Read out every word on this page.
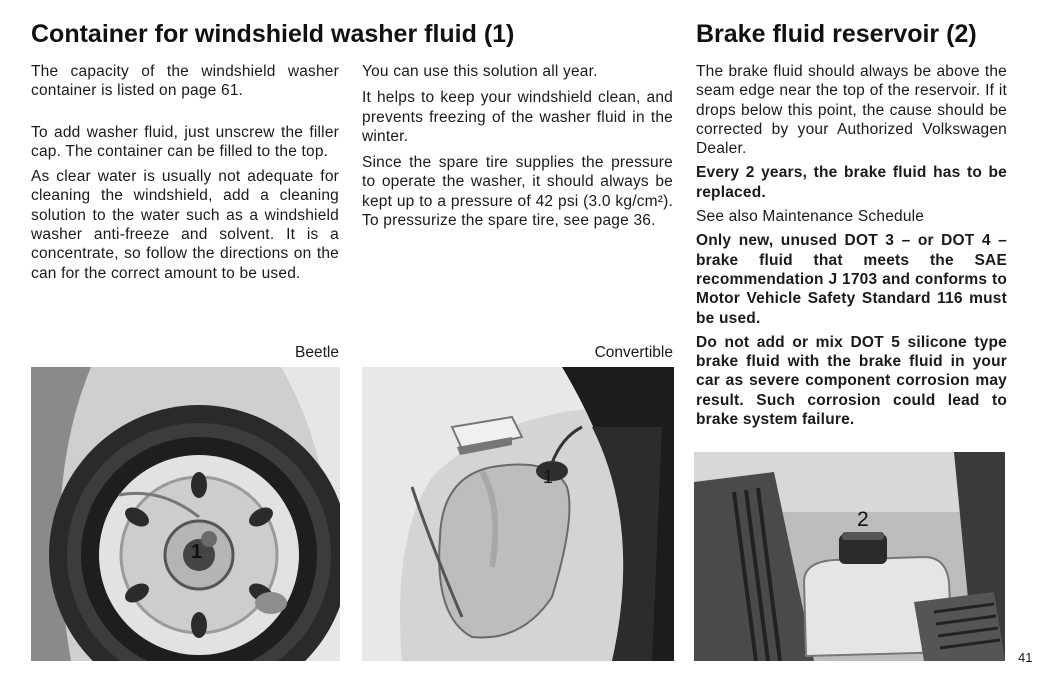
Container for windshield washer fluid (1)	Brake fluid reservoir (2)

The capacity of the windshield washer container is listed on page 61.

To add washer fluid, just unscrew the filler cap. The container can be filled to the top.

As clear water is usually not adequate for cleaning the windshield, add a cleaning solution to the water such as a windshield washer anti-freeze and solvent. It is a concentrate, so follow the directions on the can for the correct amount to be used.

You can use this solution all year.

It helps to keep your windshield clean, and prevents freezing of the washer fluid in the winter.

Since the spare tire supplies the pressure to operate the washer, it should always be kept up to a pressure of 42 psi (3.0 kg/cm²). To pressurize the spare tire, see page 36.

The brake fluid should always be above the seam edge near the top of the reservoir. If it drops below this point, the cause should be corrected by your Authorized Volkswagen Dealer.

Every 2 years, the brake fluid has to be replaced.

See also Maintenance Schedule

Only new, unused DOT 3 – or DOT 4 – brake fluid that meets the SAE recommendation J 1703 and conforms to Motor Vehicle Safety Standard 116 must be used.

Do not add or mix DOT 5 silicone type brake fluid with the brake fluid in your car as severe component corrosion may result. Such corrosion could lead to brake system failure.

Beetle	Convertible
1
1
2
41
